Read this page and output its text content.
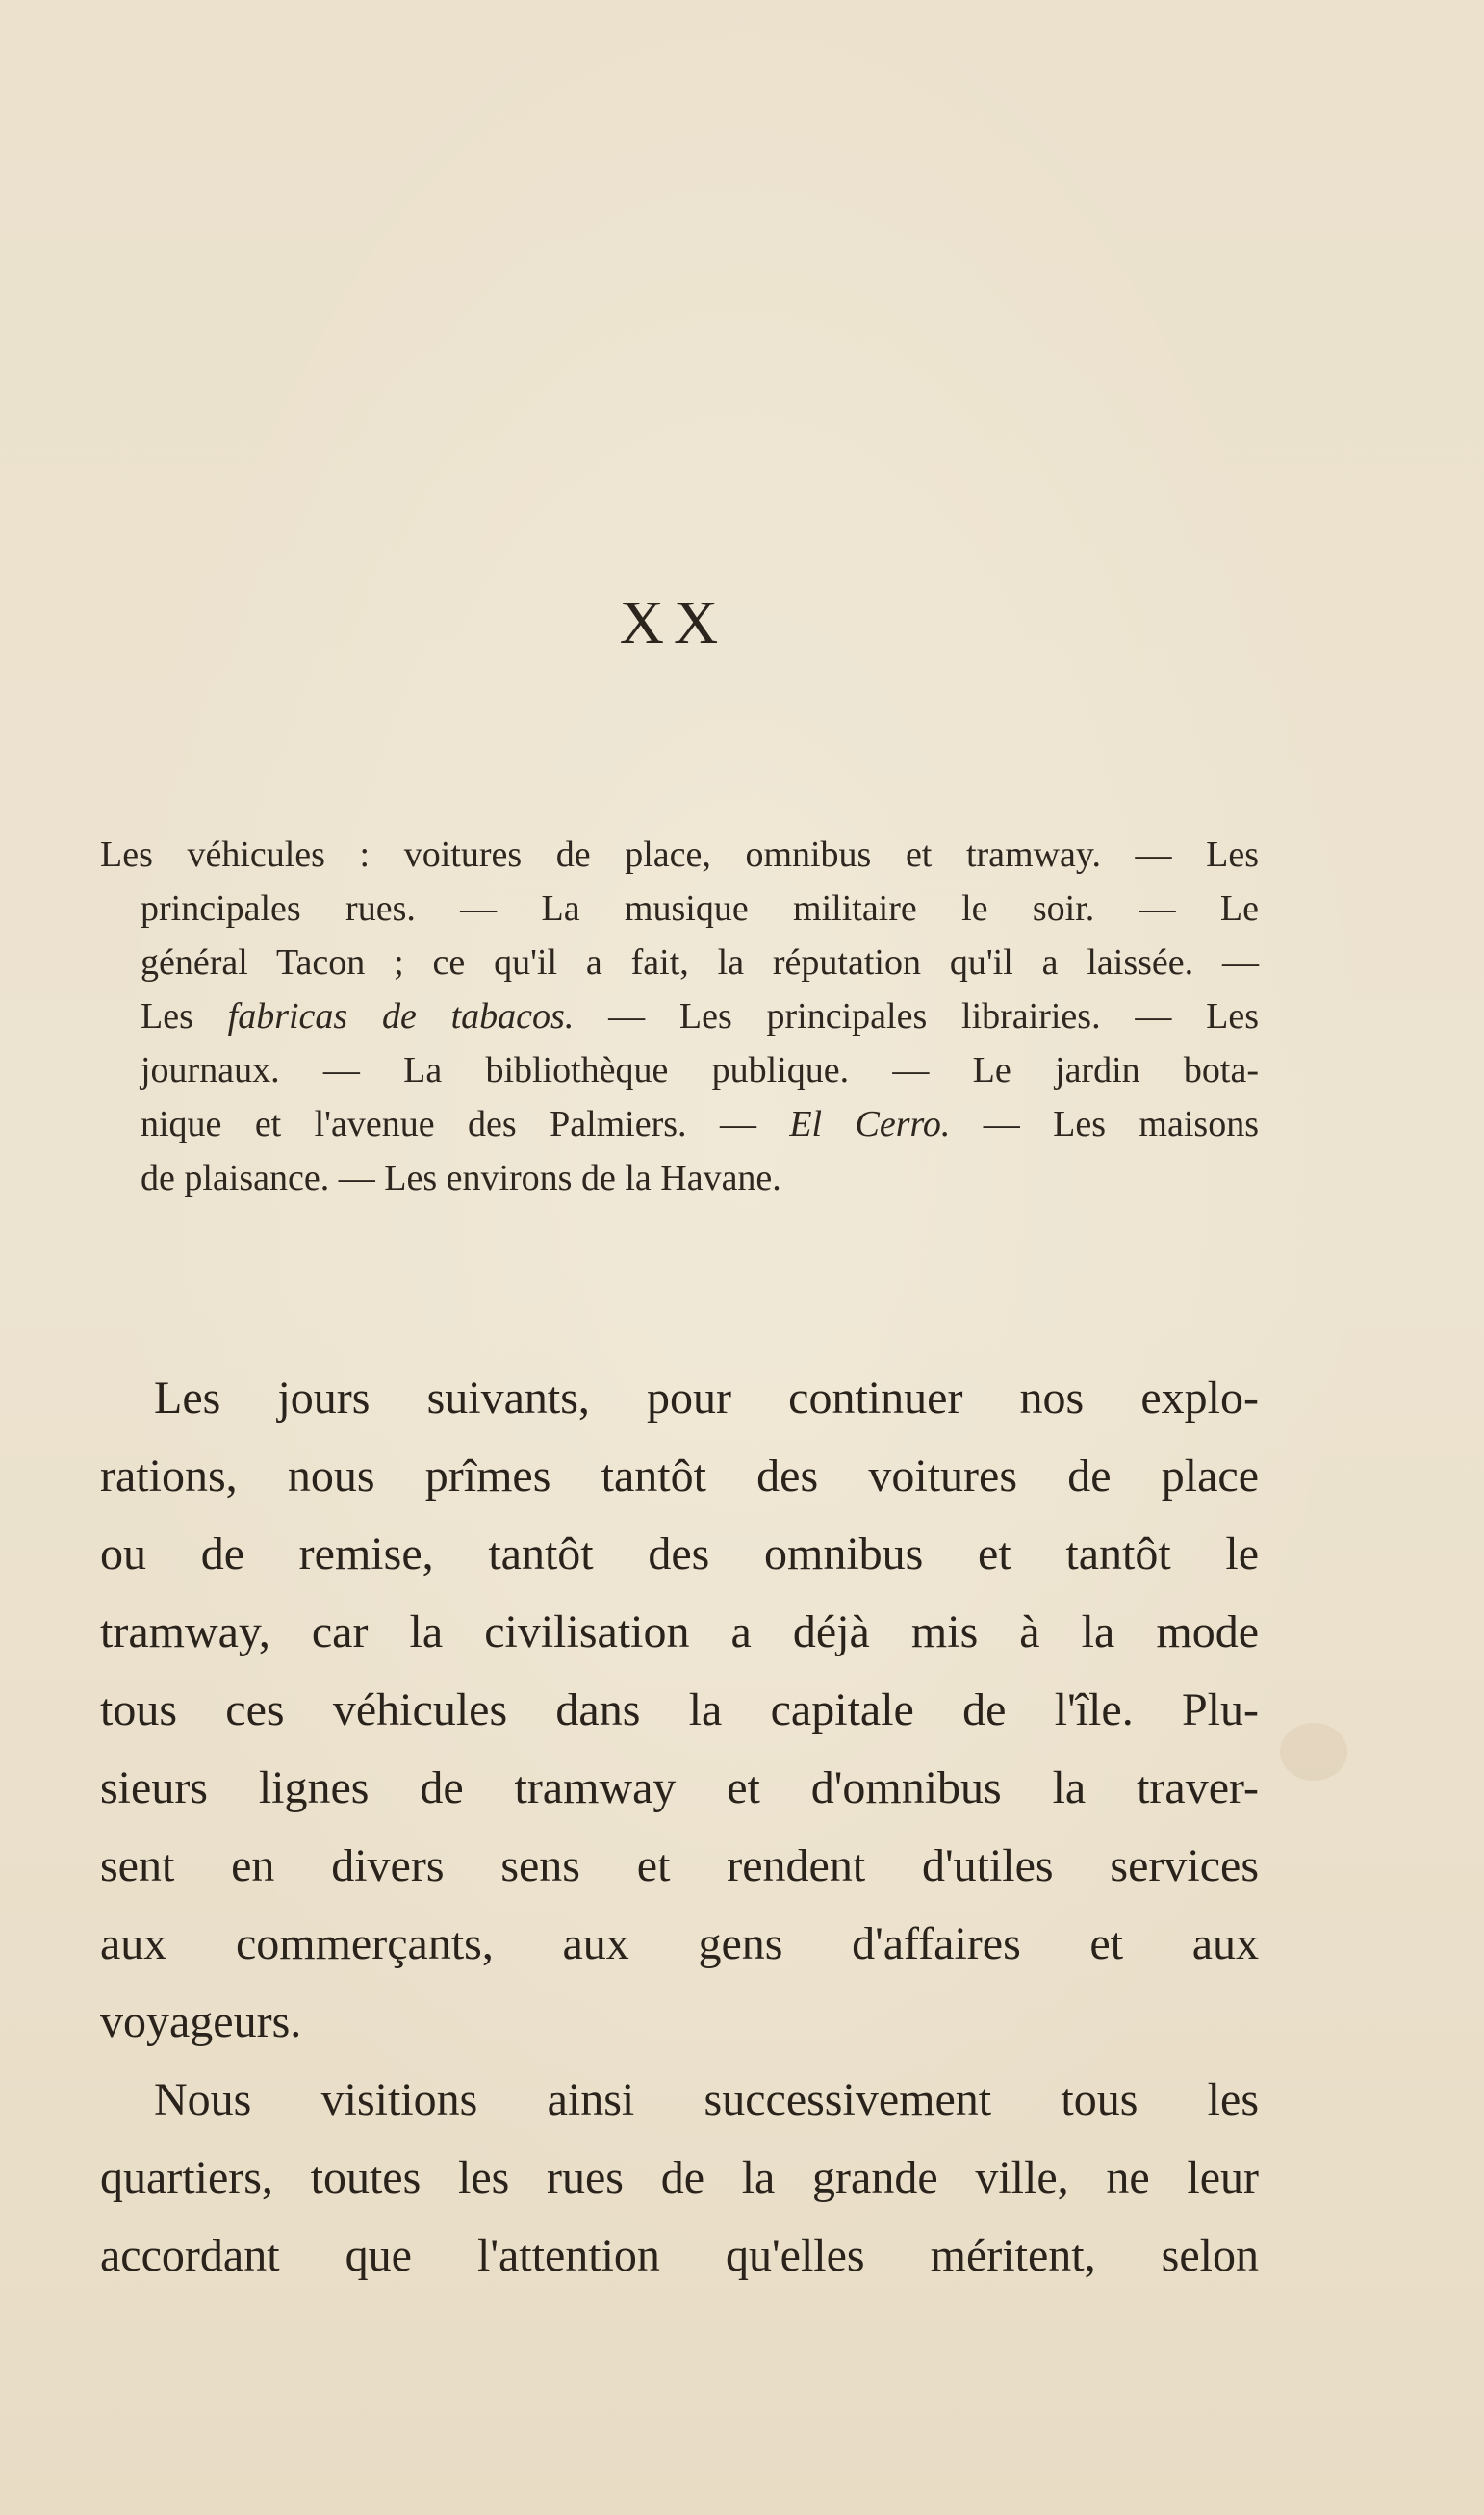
XX
Les véhicules : voitures de place, omnibus et tramway. — Les
principales rues. — La musique militaire le soir. — Le
général Tacon ; ce qu'il a fait, la réputation qu'il a laissée. —
Les fabricas de tabacos. — Les principales librairies. — Les
journaux. — La bibliothèque publique. — Le jardin bota-
nique et l'avenue des Palmiers. — El Cerro. — Les maisons
de plaisance. — Les environs de la Havane.
Les jours suivants, pour continuer nos explo-
rations, nous prîmes tantôt des voitures de place
ou de remise, tantôt des omnibus et tantôt le
tramway, car la civilisation a déjà mis à la mode
tous ces véhicules dans la capitale de l'île. Plu-
sieurs lignes de tramway et d'omnibus la traver-
sent en divers sens et rendent d'utiles services
aux commerçants, aux gens d'affaires et aux
voyageurs.
Nous visitions ainsi successivement tous les
quartiers, toutes les rues de la grande ville, ne leur
accordant que l'attention qu'elles méritent, selon
